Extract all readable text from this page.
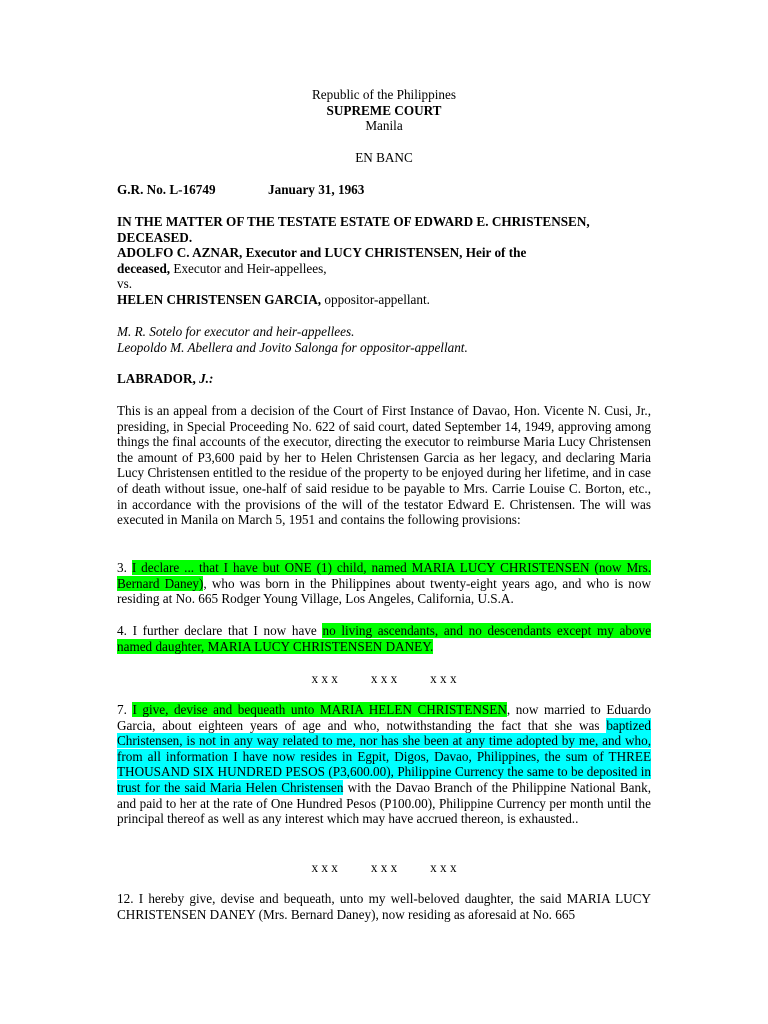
Republic of the Philippines
SUPREME COURT
Manila
EN BANC
G.R. No. L-16749	January 31, 1963
IN THE MATTER OF THE TESTATE ESTATE OF EDWARD E. CHRISTENSEN,
DECEASED.
ADOLFO C. AZNAR, Executor and LUCY CHRISTENSEN, Heir of the
deceased, Executor and Heir-appellees,
vs.
HELEN CHRISTENSEN GARCIA, oppositor-appellant.
M. R. Sotelo for executor and heir-appellees.
Leopoldo M. Abellera and Jovito Salonga for oppositor-appellant.
LABRADOR, J.:
This is an appeal from a decision of the Court of First Instance of Davao, Hon. Vicente N. Cusi, Jr., presiding, in Special Proceeding No. 622 of said court, dated September 14, 1949, approving among things the final accounts of the executor, directing the executor to reimburse Maria Lucy Christensen the amount of P3,600 paid by her to Helen Christensen Garcia as her legacy, and declaring Maria Lucy Christensen entitled to the residue of the property to be enjoyed during her lifetime, and in case of death without issue, one-half of said residue to be payable to Mrs. Carrie Louise C. Borton, etc., in accordance with the provisions of the will of the testator Edward E. Christensen. The will was executed in Manila on March 5, 1951 and contains the following provisions:
3. I declare ... that I have but ONE (1) child, named MARIA LUCY CHRISTENSEN (now Mrs. Bernard Daney), who was born in the Philippines about twenty-eight years ago, and who is now residing at No. 665 Rodger Young Village, Los Angeles, California, U.S.A.
4. I further declare that I now have no living ascendants, and no descendants except my above named daughter, MARIA LUCY CHRISTENSEN DANEY.
x x x          x x x          x x x
7. I give, devise and bequeath unto MARIA HELEN CHRISTENSEN, now married to Eduardo Garcia, about eighteen years of age and who, notwithstanding the fact that she was baptized Christensen, is not in any way related to me, nor has she been at any time adopted by me, and who, from all information I have now resides in Egpit, Digos, Davao, Philippines, the sum of THREE THOUSAND SIX HUNDRED PESOS (P3,600.00), Philippine Currency the same to be deposited in trust for the said Maria Helen Christensen with the Davao Branch of the Philippine National Bank, and paid to her at the rate of One Hundred Pesos (P100.00), Philippine Currency per month until the principal thereof as well as any interest which may have accrued thereon, is exhausted..
x x x          x x x          x x x
12. I hereby give, devise and bequeath, unto my well-beloved daughter, the said MARIA LUCY CHRISTENSEN DANEY (Mrs. Bernard Daney), now residing as aforesaid at No. 665
